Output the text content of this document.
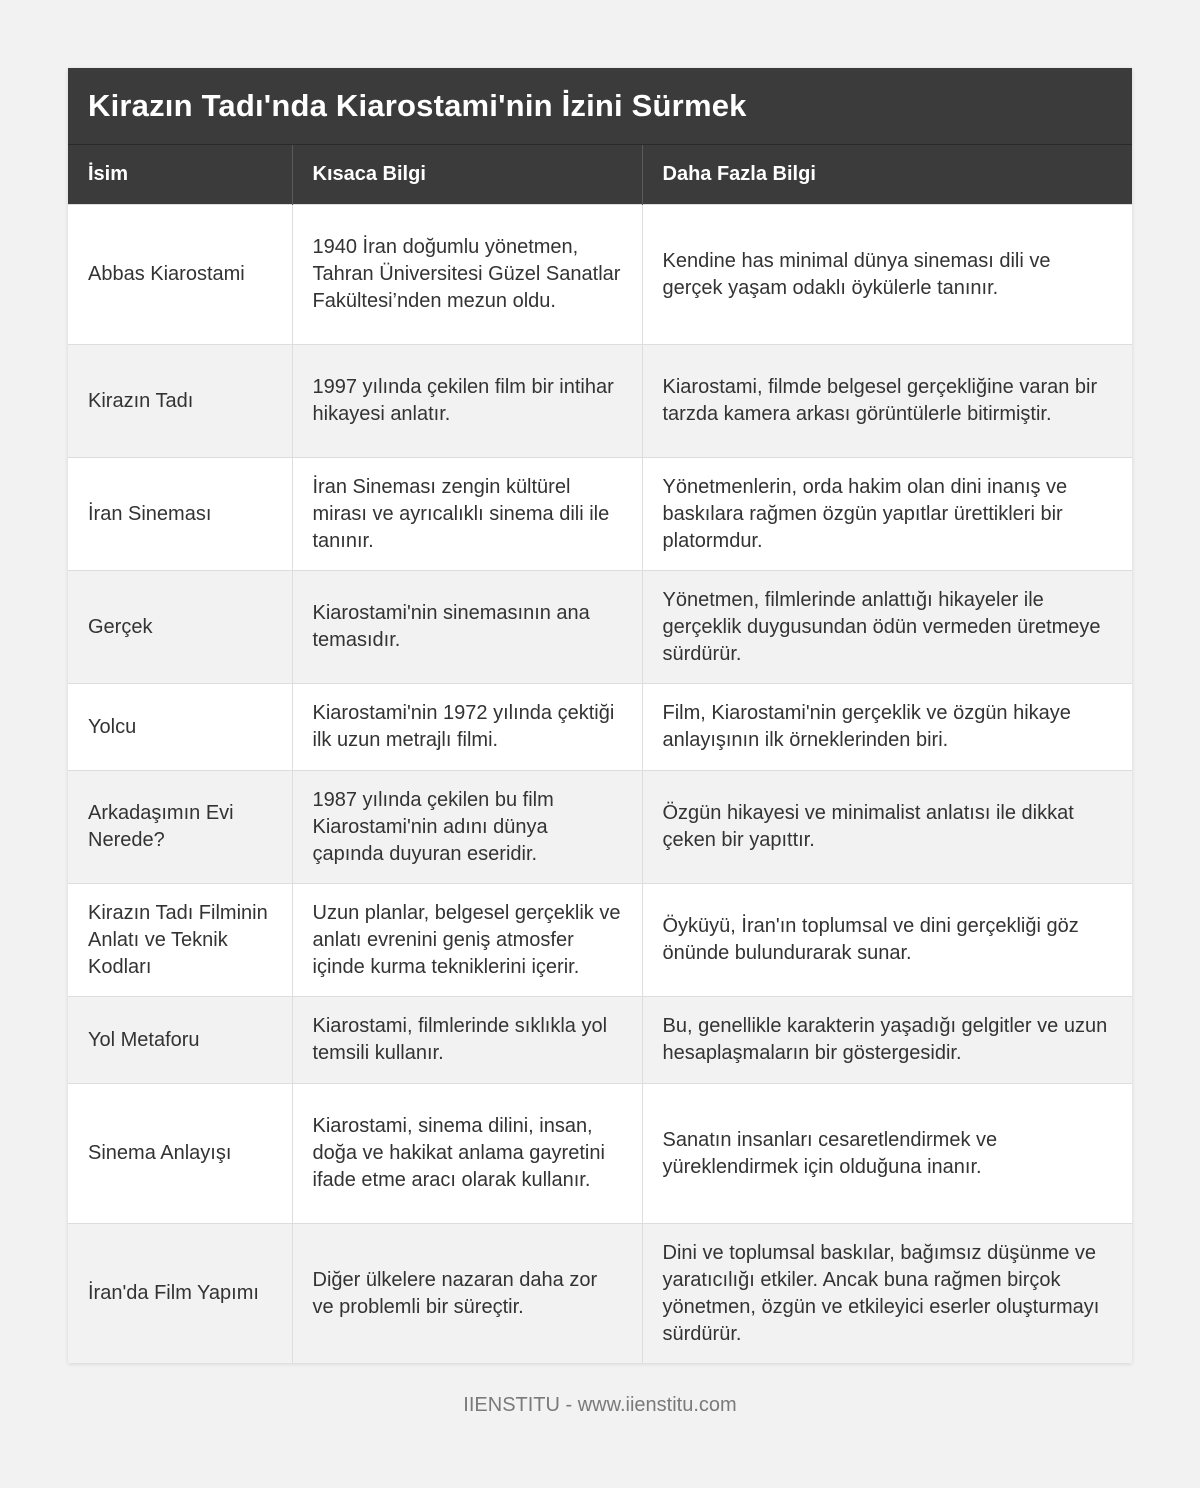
Kirazın Tadı'nda Kiarostami'nin İzini Sürmek
İsim	Kısaca Bilgi	Daha Fazla Bilgi
Abbas Kiarostami	1940 İran doğumlu yönetmen, Tahran Üniversitesi Güzel Sanatlar Fakültesi’nden mezun oldu.	Kendine has minimal dünya sineması dili ve gerçek yaşam odaklı öykülerle tanınır.
Kirazın Tadı	1997 yılında çekilen film bir intihar hikayesi anlatır.	Kiarostami, filmde belgesel gerçekliğine varan bir tarzda kamera arkası görüntülerle bitirmiştir.
İran Sineması	İran Sineması zengin kültürel mirası ve ayrıcalıklı sinema dili ile tanınır.	Yönetmenlerin, orda hakim olan dini inanış ve baskılara rağmen özgün yapıtlar ürettikleri bir platormdur.
Gerçek	Kiarostami'nin sinemasının ana temasıdır.	Yönetmen, filmlerinde anlattığı hikayeler ile gerçeklik duygusundan ödün vermeden üretmeye sürdürür.
Yolcu	Kiarostami'nin 1972 yılında çektiği ilk uzun metrajlı filmi.	Film, Kiarostami'nin gerçeklik ve özgün hikaye anlayışının ilk örneklerinden biri.
Arkadaşımın Evi Nerede?	1987 yılında çekilen bu film Kiarostami'nin adını dünya çapında duyuran eseridir.	Özgün hikayesi ve minimalist anlatısı ile dikkat çeken bir yapıttır.
Kirazın Tadı Filminin Anlatı ve Teknik Kodları	Uzun planlar, belgesel gerçeklik ve anlatı evrenini geniş atmosfer içinde kurma tekniklerini içerir.	Öyküyü, İran'ın toplumsal ve dini gerçekliği göz önünde bulundurarak sunar.
Yol Metaforu	Kiarostami, filmlerinde sıklıkla yol temsili kullanır.	Bu, genellikle karakterin yaşadığı gelgitler ve uzun hesaplaşmaların bir göstergesidir.
Sinema Anlayışı	Kiarostami, sinema dilini, insan, doğa ve hakikat anlama gayretini ifade etme aracı olarak kullanır.	Sanatın insanları cesaretlendirmek ve yüreklendirmek için olduğuna inanır.
İran'da Film Yapımı	Diğer ülkelere nazaran daha zor ve problemli bir süreçtir.	Dini ve toplumsal baskılar, bağımsız düşünme ve yaratıcılığı etkiler. Ancak buna rağmen birçok yönetmen, özgün ve etkileyici eserler oluşturmayı sürdürür.
IIENSTITU - www.iienstitu.com
